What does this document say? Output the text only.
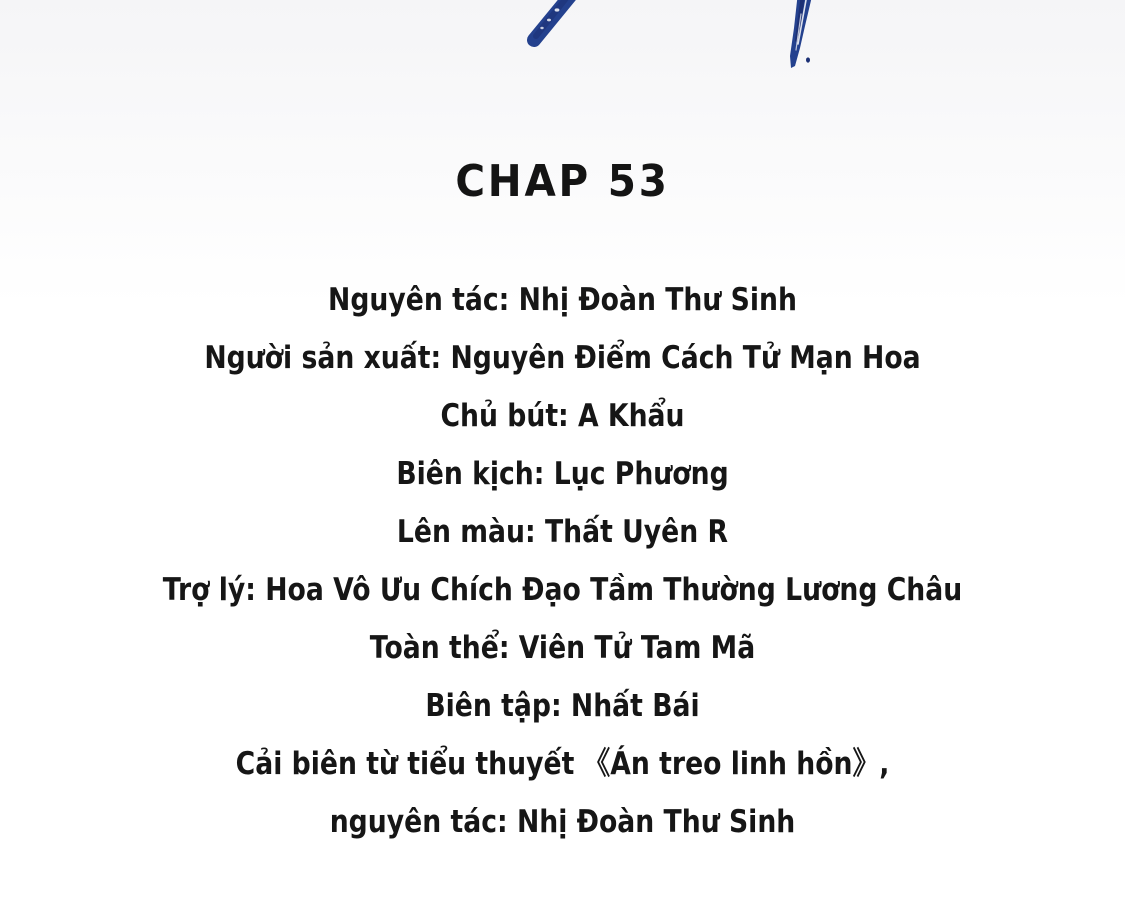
CHAP 53
Nguyên tác: Nhị Đoàn Thư Sinh
Người sản xuất: Nguyên Điểm Cách Tử Mạn Hoa
Chủ bút: A Khẩu
Biên kịch: Lục Phương
Lên màu: Thất Uyên R
Trợ lý: Hoa Vô Ưu Chích Đạo Tầm Thường Lương Châu
Toàn thể: Viên Tử Tam Mã
Biên tập: Nhất Bái
Cải biên từ tiểu thuyết 《Án treo linh hồn》,
nguyên tác: Nhị Đoàn Thư Sinh
